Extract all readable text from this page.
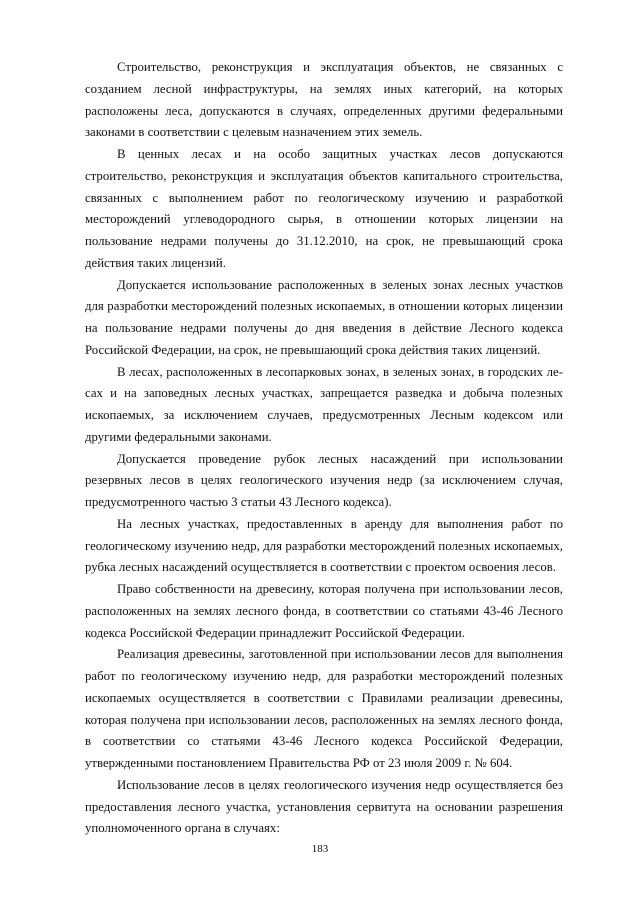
Строительство, реконструкция и эксплуатация объектов, не связанных с созданием лесной инфраструктуры, на землях иных категорий, на которых расположены леса, допускаются в случаях, определенных другими федеральными законами в соответствии с целевым назначением этих земель.

В ценных лесах и на особо защитных участках лесов допускаются строительство, реконструкция и эксплуатация объектов капитального строительства, связанных с выполнением работ по геологическому изучению и разработкой месторождений углеводородного сырья, в отношении которых лицензии на пользование недрами получены до 31.12.2010, на срок, не превышающий срока действия таких лицензий.

Допускается использование расположенных в зеленых зонах лесных участков для разработки месторождений полезных ископаемых, в отношении которых лицензии на пользование недрами получены до дня введения в действие Лесного кодекса Российской Федерации, на срок, не превышающий срока действия таких лицензий.

В лесах, расположенных в лесопарковых зонах, в зеленых зонах, в городских лесах и на заповедных лесных участках, запрещается разведка и добыча полезных ископаемых, за исключением случаев, предусмотренных Лесным кодексом или другими федеральными законами.

Допускается проведение рубок лесных насаждений при использовании резервных лесов в целях геологического изучения недр (за исключением случая, предусмотренного частью 3 статьи 43 Лесного кодекса).

На лесных участках, предоставленных в аренду для выполнения работ по геологическому изучению недр, для разработки месторождений полезных ископаемых, рубка лесных насаждений осуществляется в соответствии с проектом освоения лесов.

Право собственности на древесину, которая получена при использовании лесов, расположенных на землях лесного фонда, в соответствии со статьями 43-46 Лесного кодекса Российской Федерации принадлежит Российской Федерации.

Реализация древесины, заготовленной при использовании лесов для выполнения работ по геологическому изучению недр, для разработки месторождений полезных ископаемых осуществляется в соответствии с Правилами реализации древесины, которая получена при использовании лесов, расположенных на землях лесного фонда, в соответствии со статьями 43-46 Лесного кодекса Российской Федерации, утвержденными постановлением Правительства РФ от 23 июля 2009 г. № 604.

Использование лесов в целях геологического изучения недр осуществляется без предоставления лесного участка, установления сервитута на основании разрешения уполномоченного органа в случаях:

183
